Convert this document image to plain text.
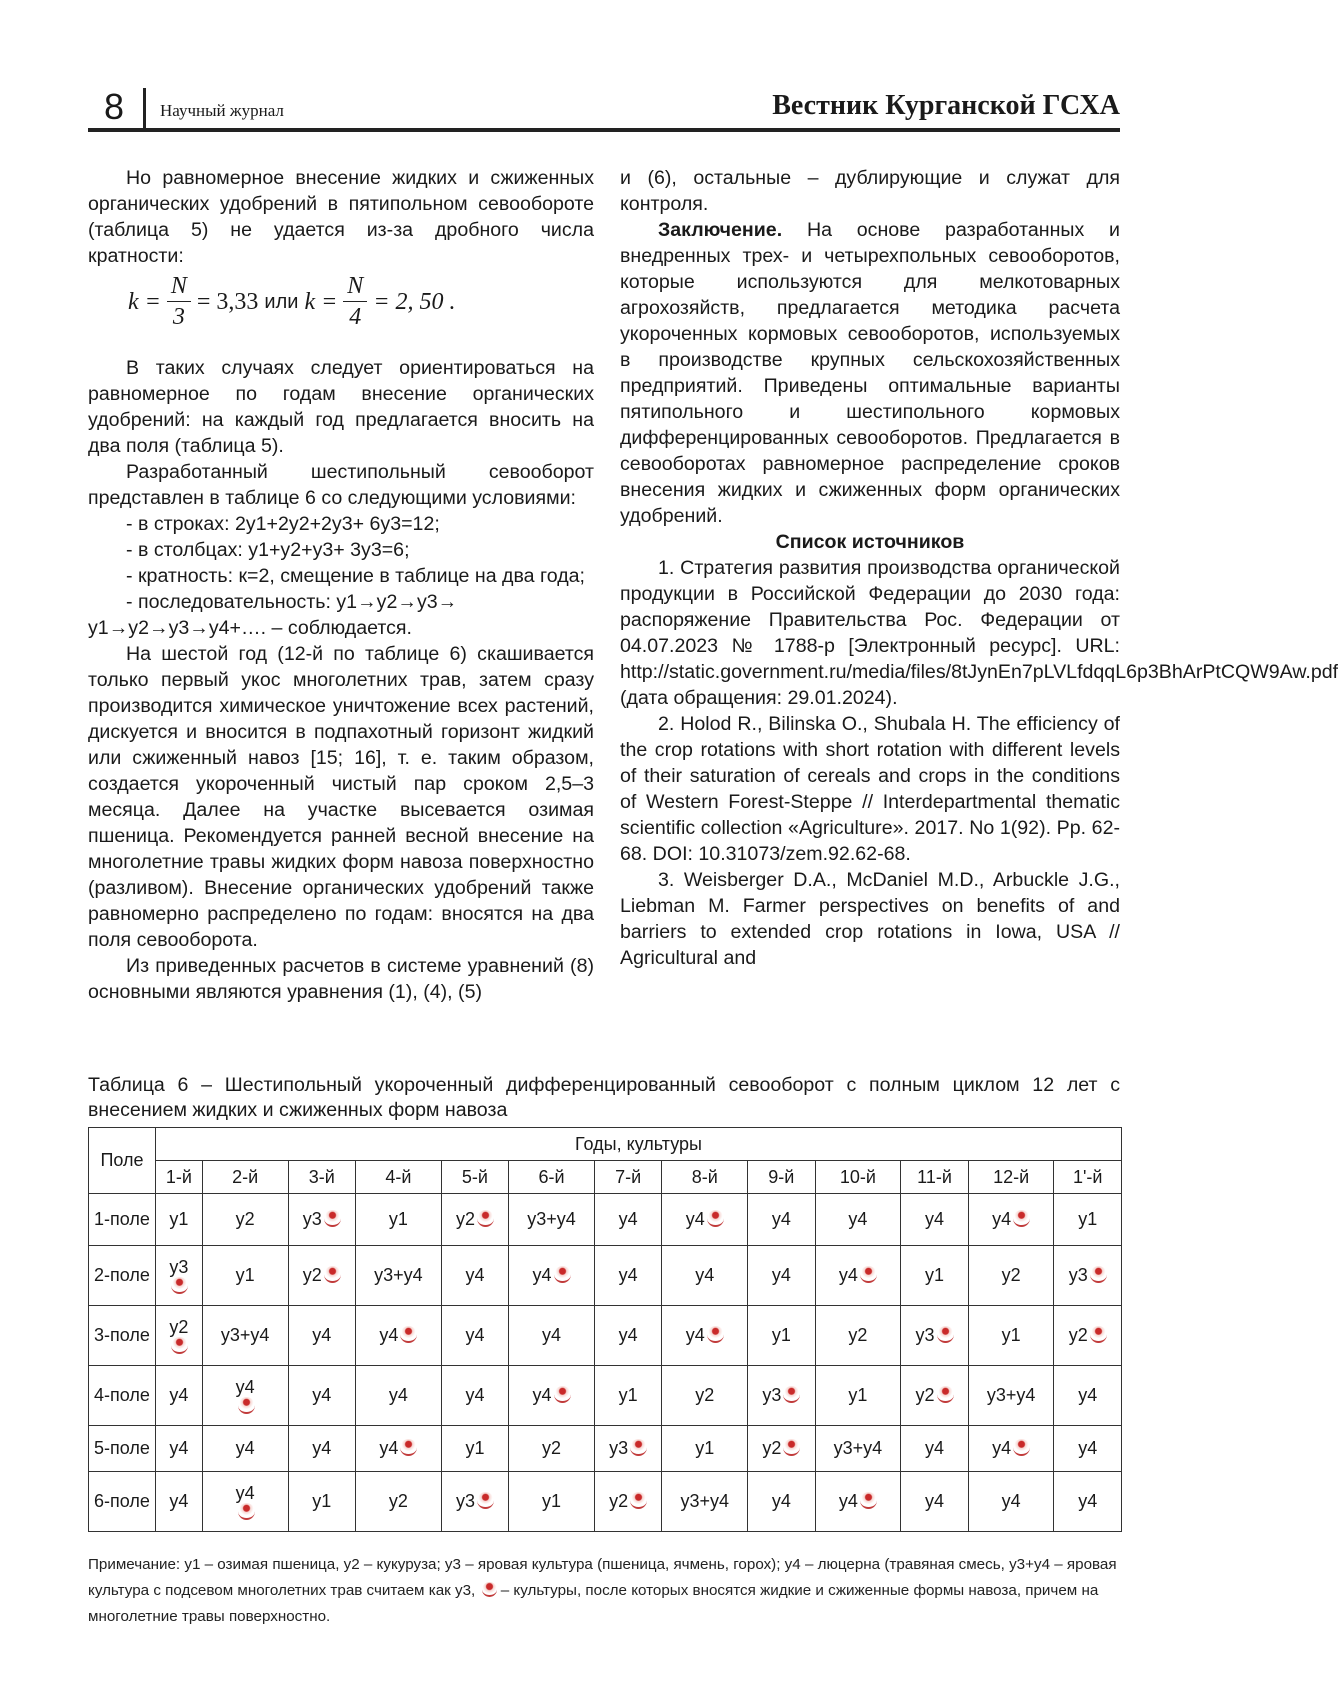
8 Научный журнал	Вестник Курганской ГСХА

Но равномерное внесение жидких и сжиженных органических удобрений в пятипольном севообороте (таблица 5) не удается из-за дробного числа кратности:

$k = \frac{N}{3} = 3,33$ или $k = \frac{N}{4} = 2$, 50 .

В таких случаях следует ориентироваться на равномерное по годам внесение органических удобрений: на каждый год предлагается вносить на два поля (таблица 5).

Разработанный шестипольный севооборот представлен в таблице 6 со следующими условиями:

- в строках: 2у1+2у2+2у3+ 6у3=12;

- в столбцах: у1+у2+у3+ 3у3=6;

- кратность: к=2, смещение в таблице на два года;

- последовательность: у1→у2→у3→

у1→у2→у3→у4+…. – соблюдается.

На шестой год (12-й по таблице 6) скашивается только первый укос многолетних трав, затем сразу производится химическое уничтожение всех растений, дискуется и вносится в подпахотный горизонт жидкий или сжиженный навоз [15; 16], т. е. таким образом, создается укороченный чистый пар сроком 2,5–3 месяца. Далее на участке высевается озимая пшеница. Рекомендуется ранней весной внесение на многолетние травы жидких форм навоза поверхностно (разливом). Внесение органических удобрений также равномерно распределено по годам: вносятся на два поля севооборота.

Из приведенных расчетов в системе уравнений (8) основными являются уравнения (1), (4), (5)

и (6), остальные – дублирующие и служат для контроля.

Заключение. На основе разработанных и внедренных трех- и четырехпольных севооборотов, которые используются для мелкотоварных агрохозяйств, предлагается методика расчета укороченных кормовых севооборотов, используемых в производстве крупных сельскохозяйственных предприятий. Приведены оптимальные варианты пятипольного и шестипольного кормовых дифференцированных севооборотов. Предлагается в севооборотах равномерное распределение сроков внесения жидких и сжиженных форм органических удобрений.

Список источников

1. Стратегия развития производства органической продукции в Российской Федерации до 2030 года: распоряжение Правительства Рос. Федерации от 04.07.2023 № 1788-р [Электронный ресурс]. URL: http://static.government.ru/media/files/8tJynEn7pLVLfdqqL6p3BhArPtCQW9Aw.pdf (дата обращения: 29.01.2024).

2. Holod R., Bilinska O., Shubala H. The efficiency of the crop rotations with short rotation with different levels of their saturation of cereals and crops in the conditions of Western Forest-Steppe // Interdepartmental thematic scientific collection «Agriculture». 2017. No 1(92). Pp. 62-68. DOI: 10.31073/zem.92.62-68.

3. Weisberger D.A., McDaniel M.D., Arbuckle J.G., Liebman M. Farmer perspectives on benefits of and barriers to extended crop rotations in Iowa, USA // Agricultural and

Таблица 6 – Шестипольный укороченный дифференцированный севооборот с полным циклом 12 лет с внесением жидких и сжиженных форм навоза
Поле	Годы, культуры												
	1-й	2-й	3-й	4-й	5-й	6-й	7-й	8-й	9-й	10-й	11-й	12-й	1'-й
1-поле	у1	у2	у3	у1	у2	у3+у4	у4	у4	у4	у4	у4	у4	у1
2-поле	у3	у1	у2	у3+у4	у4	у4	у4	у4	у4	у4	у1	у2	у3
3-поле	у2	у3+у4	у4	у4	у4	у4	у4	у4	у1	у2	у3	у1	у2
4-поле	у4	у4	у4	у4	у4	у4	у1	у2	у3	у1	у2	у3+у4	у4
5-поле	у4	у4	у4	у4	у1	у2	у3	у1	у2	у3+у4	у4	у4	у4
6-поле	у4	у4	у1	у2	у3	у1	у2	у3+у4	у4	у4	у4	у4	у4
Примечание: у1 – озимая пшеница, у2 – кукуруза; у3 – яровая культура (пшеница, ячмень, горох); у4 – люцерна (травяная смесь, у3+у4 – яровая культура с подсевом многолетних трав считаем как у3,  – культуры, после которых вносятся жидкие и сжиженные формы навоза, причем на многолетние травы поверхностно.
